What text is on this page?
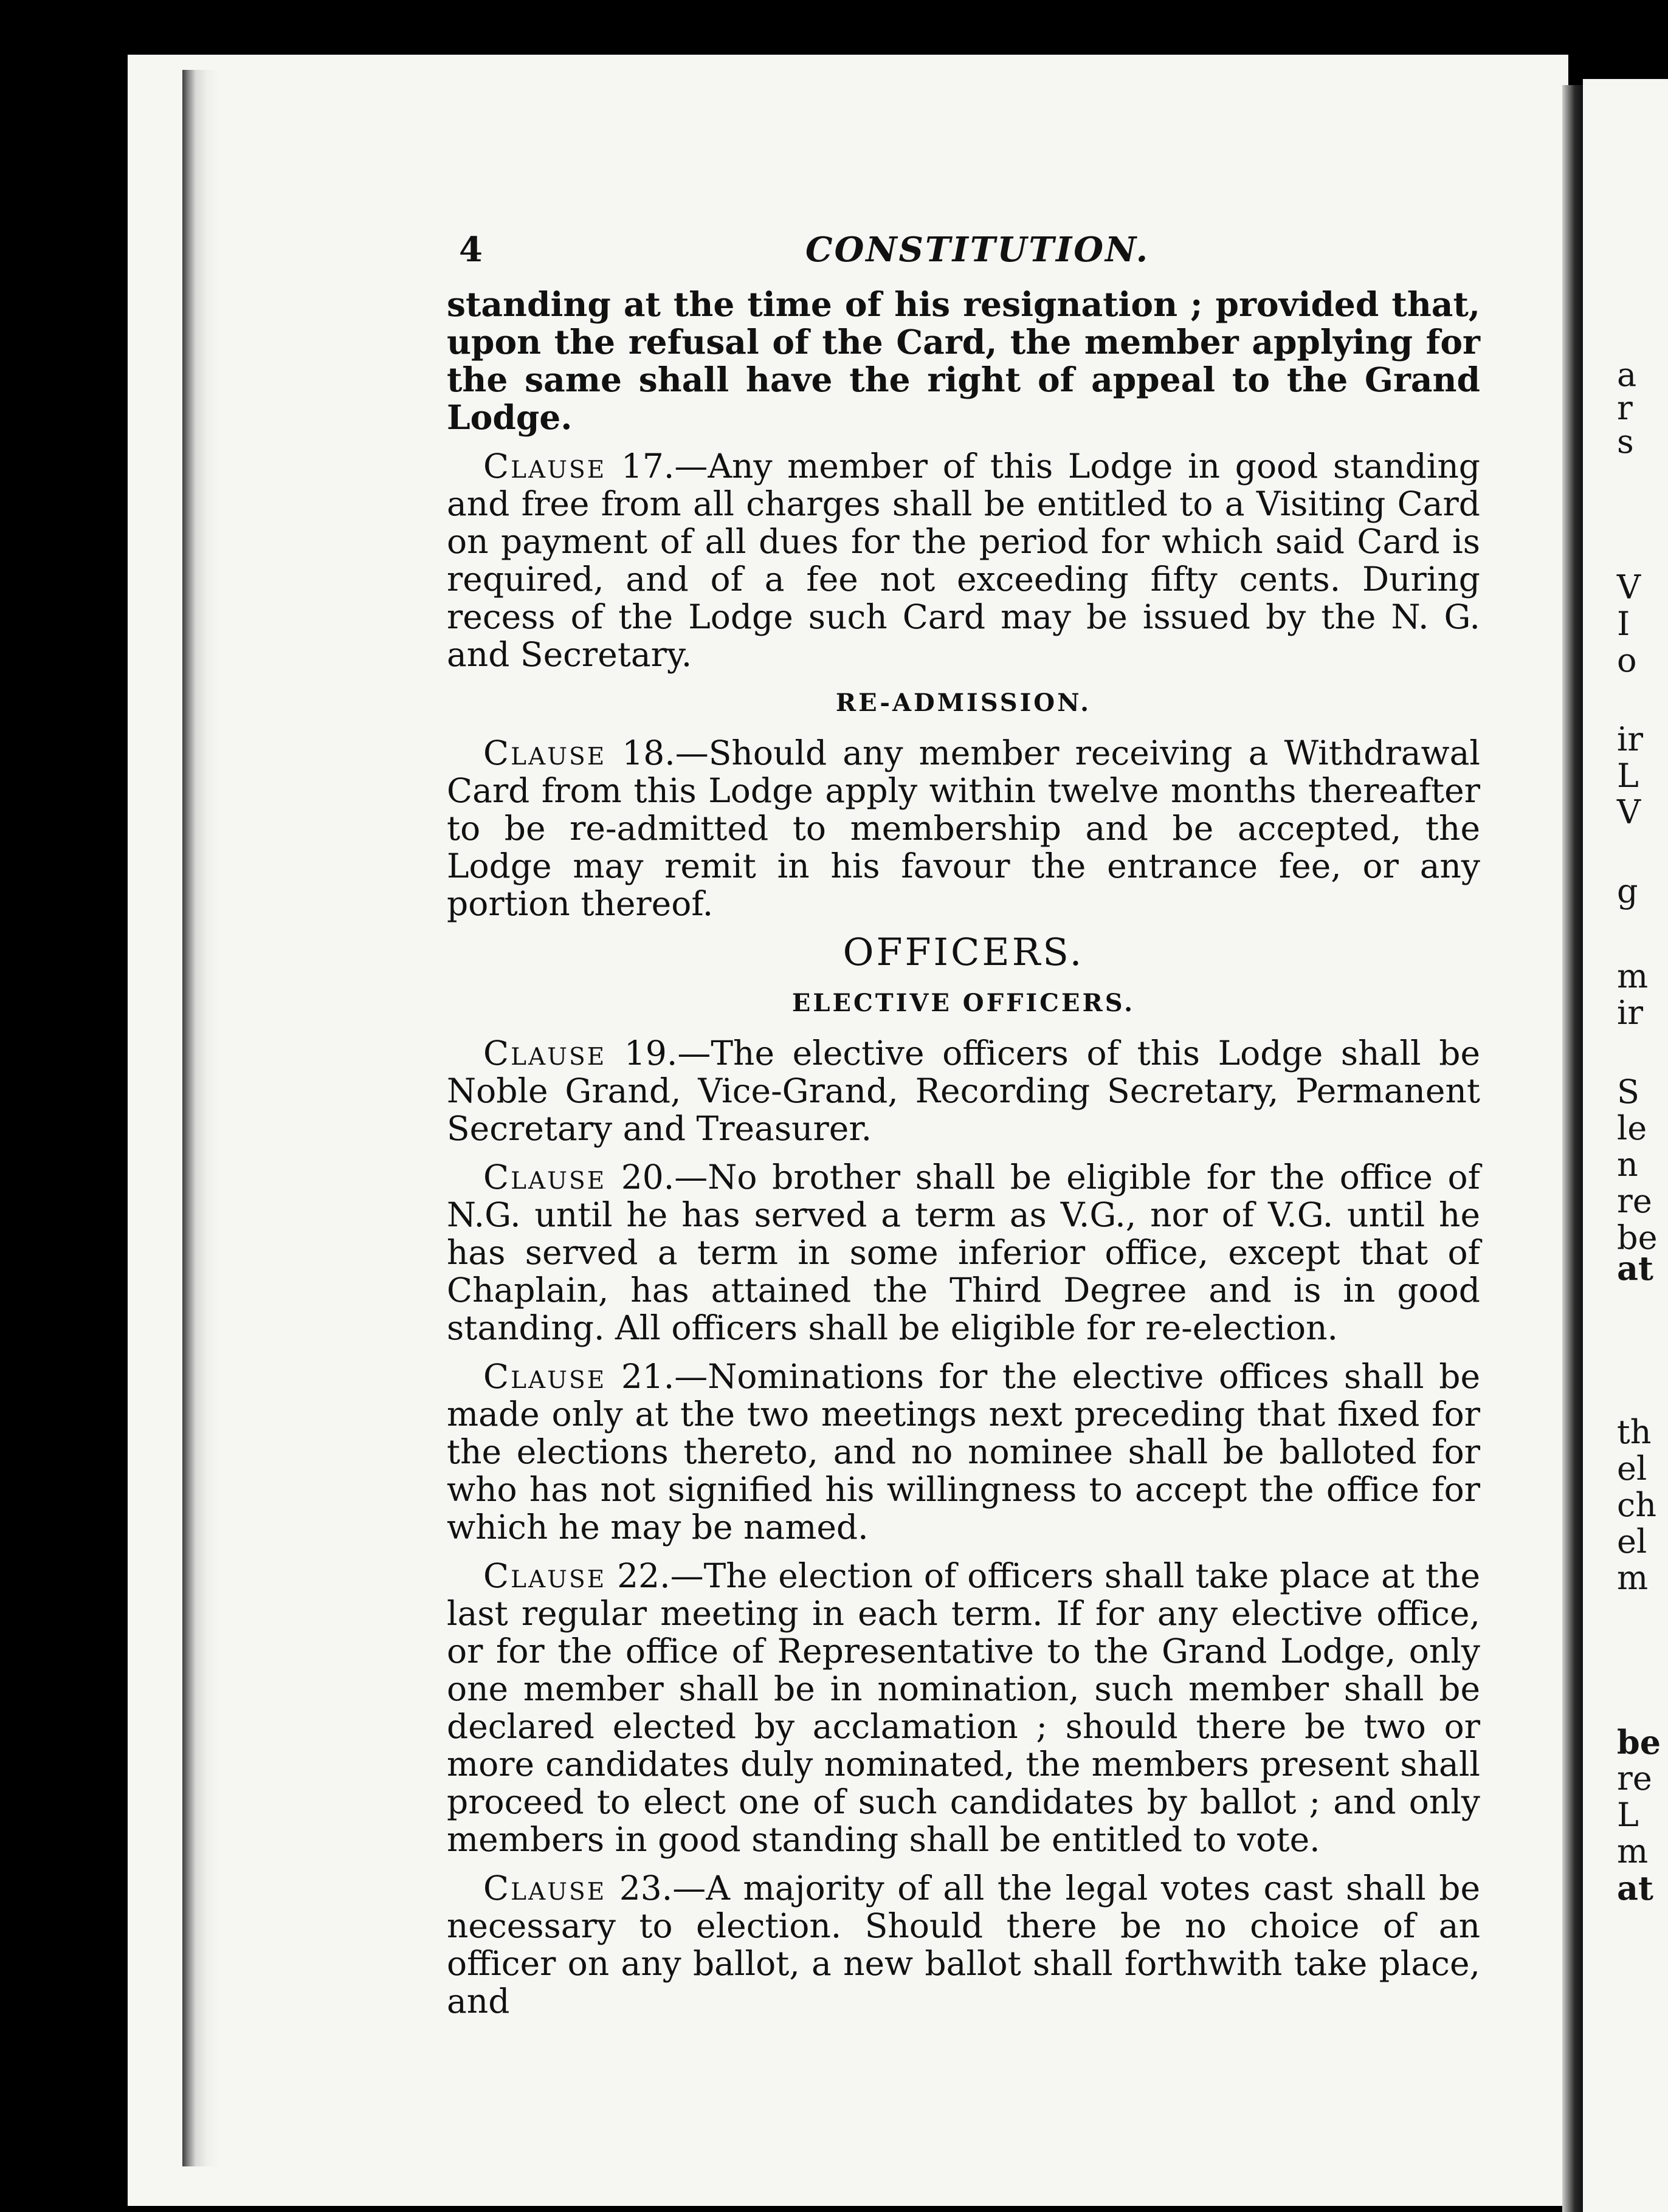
a

r

s

V

I

o

ir

L

V

g

m

ir

S

le

n

re

be

at

th

el

ch

el

m

be

re

L

m

at

4	CONSTITUTION.

standing at the time of his resignation ; provided that, upon the refusal of the Card, the member applying for the same shall have the right of appeal to the Grand Lodge.

Clause 17.—Any member of this Lodge in good standing and free from all charges shall be entitled to a Visiting Card on payment of all dues for the period for which said Card is required, and of a fee not exceeding fifty cents. During recess of the Lodge such Card may be issued by the N. G. and Secretary.

RE-ADMISSION.

Clause 18.—Should any member receiving a Withdrawal Card from this Lodge apply within twelve months thereafter to be re-admitted to membership and be accepted, the Lodge may remit in his favour the entrance fee, or any portion thereof.

OFFICERS.
ELECTIVE OFFICERS.

Clause 19.—The elective officers of this Lodge shall be Noble Grand, Vice-Grand, Recording Secretary, Permanent Secretary and Treasurer.

Clause 20.—No brother shall be eligible for the office of N.G. until he has served a term as V.G., nor of V.G. until he has served a term in some inferior office, except that of Chaplain, has attained the Third Degree and is in good standing. All officers shall be eligible for re-election.

Clause 21.—Nominations for the elective offices shall be made only at the two meetings next preceding that fixed for the elections thereto, and no nominee shall be balloted for who has not signified his willingness to accept the office for which he may be named.

Clause 22.—The election of officers shall take place at the last regular meeting in each term. If for any elective office, or for the office of Representative to the Grand Lodge, only one member shall be in nomination, such member shall be declared elected by acclamation ; should there be two or more candidates duly nominated, the members present shall proceed to elect one of such candidates by ballot ; and only members in good standing shall be entitled to vote.

Clause 23.—A majority of all the legal votes cast shall be necessary to election. Should there be no choice of an officer on any ballot, a new ballot shall forthwith take place, and
